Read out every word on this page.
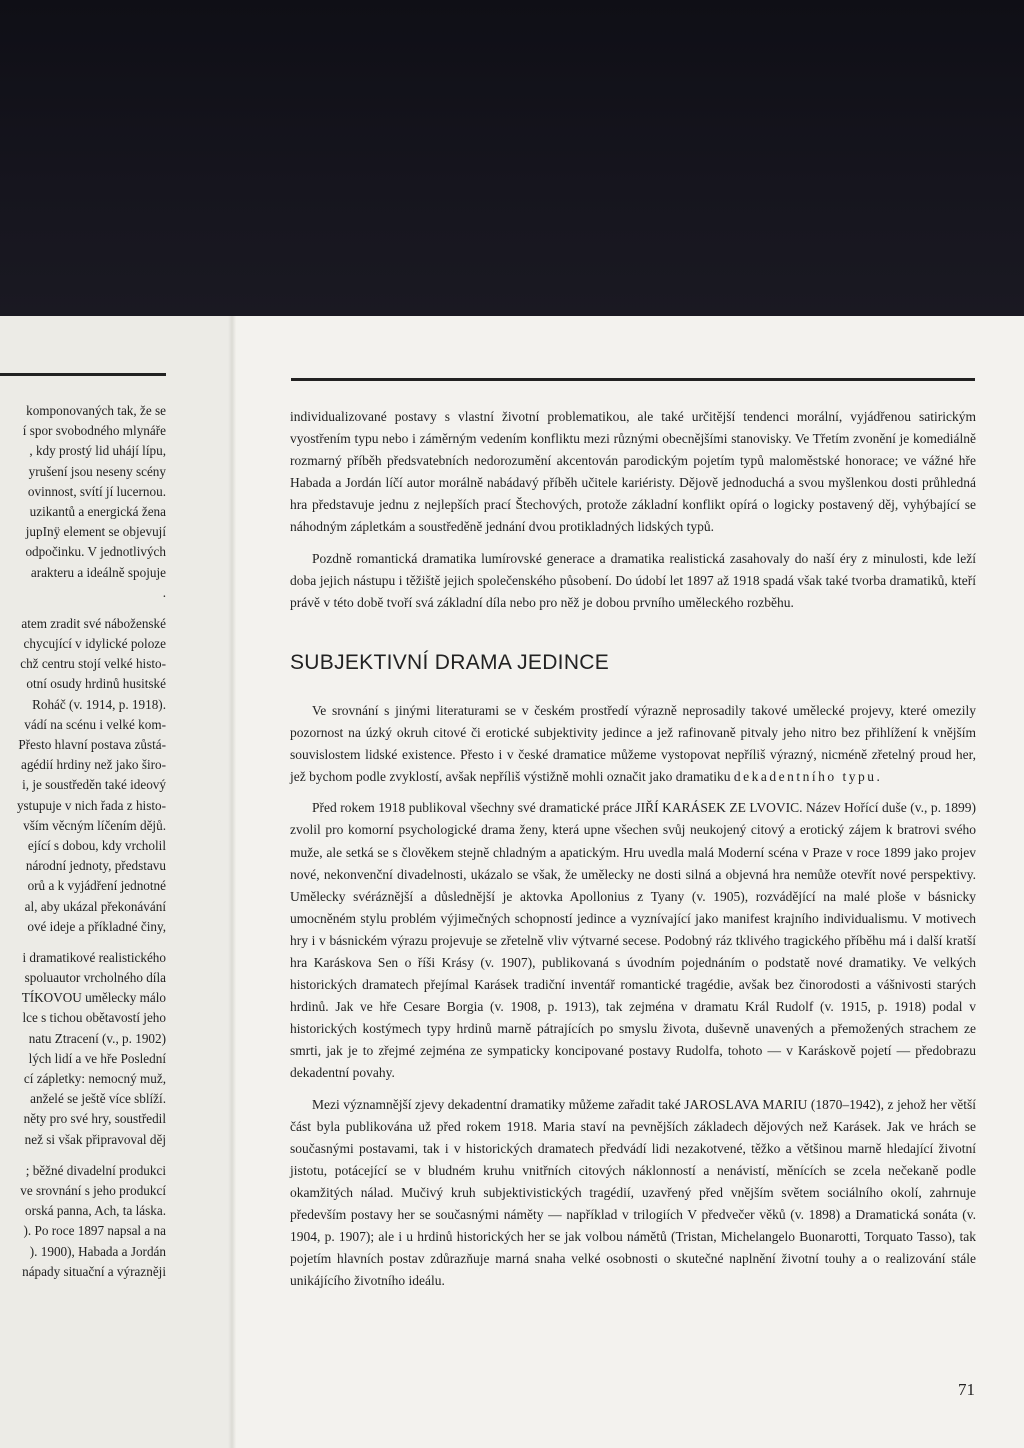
komponovaných tak, že se
í spor svobodného mlynáře
, kdy prostý lid uhájí lípu,
yrušení jsou neseny scény
ovinnost, svítí jí lucernou.
uzikantů a energická žena
jupInÿ element se objevují
odpočinku. V jednotlivých
arakteru a ideálně spojuje
.
atem zradit své náboženské
chycující v idylické poloze
chž centru stojí velké histo-
otní osudy hrdinů husitské
Roháč (v. 1914, p. 1918).
vádí na scénu i velké kom-
Přesto hlavní postava zůstá-
agédií hrdiny než jako širo-
i, je soustředěn také ideový
ystupuje v nich řada z histo-
vším věcným líčením dějů.
ející s dobou, kdy vrcholil
národní jednoty, představu
orů a k vyjádření jednotné
al, aby ukázal překonávání
ové ideje a příkladné činy,
i dramatikové realistického
spoluautor vrcholného díla
TÍKOVOU umělecky málo
lce s tichou obětavostí jeho
natu Ztracení (v., p. 1902)
lých lidí a ve hře Poslední
cí zápletky: nemocný muž,
anželé se ještě více sblíží.
něty pro své hry, soustředil
než si však připravoval děj
; běžné divadelní produkci
ve srovnání s jeho produkcí
orská panna, Ach, ta láska.
). Po roce 1897 napsal a na
). 1900), Habada a Jordán
nápady situační a výrazněji

individualizované postavy s vlastní životní problematikou, ale také určitější tendenci morální, vyjádřenou satirickým vyostřením typu nebo i záměrným vedením konfliktu mezi různými obecnějšími stanovisky. Ve Třetím zvonění je komediálně rozmarný příběh předsvatebních nedorozumění akcentován parodickým pojetím typů maloměstské honorace; ve vážné hře Habada a Jordán líčí autor morálně nabádavý příběh učitele kariéristy. Dějově jednoduchá a svou myšlenkou dosti průhledná hra představuje jednu z nejlepších prací Štechových, protože základní konflikt opírá o logicky postavený děj, vyhýbající se náhodným zápletkám a soustředěně jednání dvou protikladných lidských typů.

Pozdně romantická dramatika lumírovské generace a dramatika realistická zasahovaly do naší éry z minulosti, kde leží doba jejich nástupu i těžiště jejich společenského působení. Do údobí let 1897 až 1918 spadá však také tvorba dramatiků, kteří právě v této době tvoří svá základní díla nebo pro něž je dobou prvního uměleckého rozběhu.

SUBJEKTIVNÍ DRAMA JEDINCE

Ve srovnání s jinými literaturami se v českém prostředí výrazně neprosadily takové umělecké projevy, které omezily pozornost na úzký okruh citové či erotické subjektivity jedince a jež rafinovaně pitvaly jeho nitro bez přihlížení k vnějším souvislostem lidské existence. Přesto i v české dramatice můžeme vystopovat nepříliš výrazný, nicméně zřetelný proud her, jež bychom podle zvyklostí, avšak nepříliš výstižně mohli označit jako dramatiku dekadentního typu.

Před rokem 1918 publikoval všechny své dramatické práce JIŘÍ KARÁSEK ZE LVOVIC. Název Hořící duše (v., p. 1899) zvolil pro komorní psychologické drama ženy, která upne všechen svůj neukojený citový a erotický zájem k bratrovi svého muže, ale setká se s člověkem stejně chladným a apatickým. Hru uvedla malá Moderní scéna v Praze v roce 1899 jako projev nové, nekonvenční divadelnosti, ukázalo se však, že umělecky ne dosti silná a objevná hra nemůže otevřít nové perspektivy. Umělecky svéráznější a důslednější je aktovka Apollonius z Tyany (v. 1905), rozvádějící na malé ploše v básnicky umocněném stylu problém výjimečných schopností jedince a vyznívající jako manifest krajního individualismu. V motivech hry i v básnickém výrazu projevuje se zřetelně vliv výtvarné secese. Podobný ráz tklivého tragického příběhu má i další kratší hra Karáskova Sen o říši Krásy (v. 1907), publikovaná s úvodním pojednáním o podstatě nové dramatiky. Ve velkých historických dramatech přejímal Karásek tradiční inventář romantické tragédie, avšak bez činorodosti a vášnivosti starých hrdinů. Jak ve hře Cesare Borgia (v. 1908, p. 1913), tak zejména v dramatu Král Rudolf (v. 1915, p. 1918) podal v historických kostýmech typy hrdinů marně pátrajících po smyslu života, duševně unavených a přemožených strachem ze smrti, jak je to zřejmé zejména ze sympaticky koncipované postavy Rudolfa, tohoto — v Karáskově pojetí — předobrazu dekadentní povahy.

Mezi významnější zjevy dekadentní dramatiky můžeme zařadit také JAROSLAVA MARIU (1870–1942), z jehož her větší část byla publikována už před rokem 1918. Maria staví na pevnějších základech dějových než Karásek. Jak ve hrách se současnými postavami, tak i v historických dramatech předvádí lidi nezakotvené, těžko a většinou marně hledající životní jistotu, potácející se v bludném kruhu vnitřních citových náklonností a nenávistí, měnících se zcela nečekaně podle okamžitých nálad. Mučivý kruh subjektivistických tragédií, uzavřený před vnějším světem sociálního okolí, zahrnuje především postavy her se současnými náměty — například v trilogiích V předvečer věků (v. 1898) a Dramatická sonáta (v. 1904, p. 1907); ale i u hrdinů historických her se jak volbou námětů (Tristan, Michelangelo Buonarotti, Torquato Tasso), tak pojetím hlavních postav zdůrazňuje marná snaha velké osobnosti o skutečné naplnění životní touhy a o realizování stále unikájícího životního ideálu.

71
